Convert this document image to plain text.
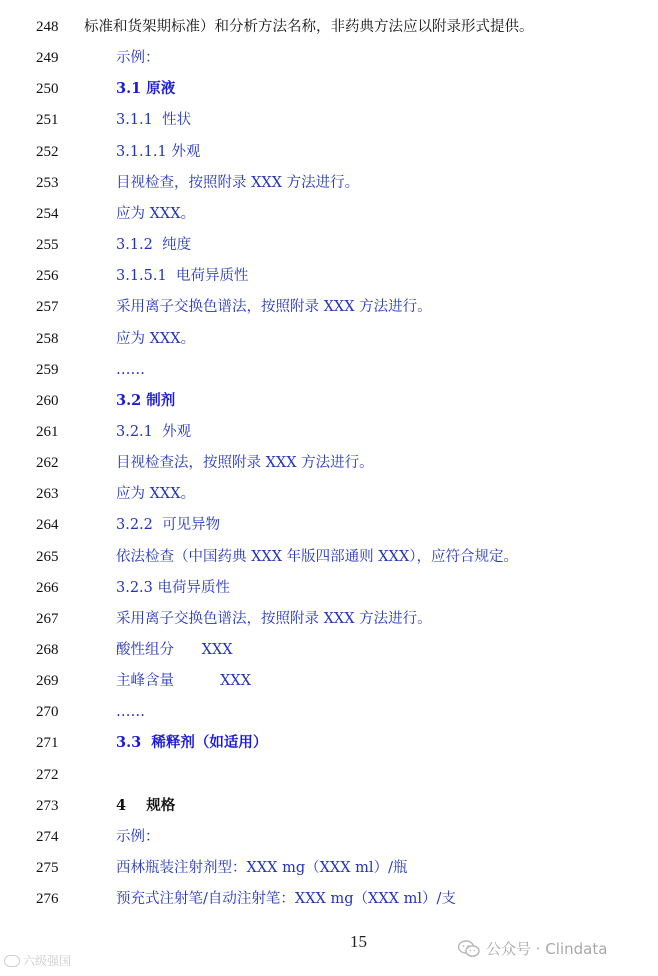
248 标准和货架期标准）和分析方法名称，非药典方法应以附录形式提供。
249	示例：
250	3.1 原液
251	3.1.1  性状
252	3.1.1.1 外观
253	目视检查，按照附录 XXX 方法进行。
254	应为 XXX。
255	3.1.2  纯度
256	3.1.5.1  电荷异质性
257	采用离子交换色谱法，按照附录 XXX 方法进行。
258	应为 XXX。
259	……
260	3.2 制剂
261	3.2.1  外观
262	目视检查法，按照附录 XXX 方法进行。
263	应为 XXX。
264	3.2.2  可见异物
265	依法检查（中国药典 XXX 年版四部通则 XXX），应符合规定。
266	3.2.3 电荷异质性
267	采用离子交换色谱法，按照附录 XXX 方法进行。
268	酸性组分      XXX
269	主峰含量          XXX
270	……
271	3.3  稀释剂（如适用）
272
273	4    规格
274	示例：
275	西林瓶装注射剂型：XXX mg（XXX ml）/瓶
276	预充式注射笔/自动注射笔：XXX mg（XXX ml）/支
15
六级强国
公众号 · Clindata
